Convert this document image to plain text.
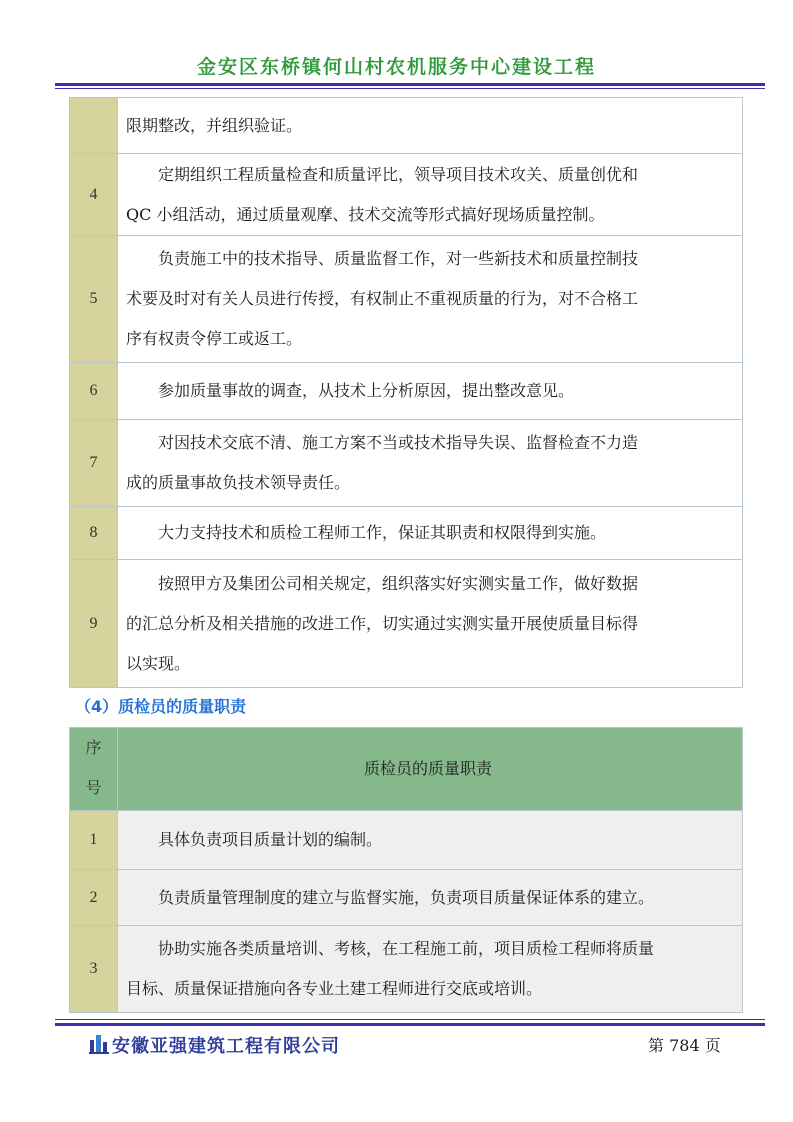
金安区东桥镇何山村农机服务中心建设工程

	限期整改，并组织验证。

4	定期组织工程质量检查和质量评比，领导项目技术攻关、质量创优和
QC 小组活动，通过质量观摩、技术交流等形式搞好现场质量控制。

5	负责施工中的技术指导、质量监督工作，对一些新技术和质量控制技
术要及时对有关人员进行传授，有权制止不重视质量的行为，对不合格工
序有权责令停工或返工。

6	参加质量事故的调查，从技术上分析原因，提出整改意见。

7	对因技术交底不清、施工方案不当或技术指导失误、监督检查不力造
成的质量事故负技术领导责任。

8	大力支持技术和质检工程师工作，保证其职责和权限得到实施。

9	按照甲方及集团公司相关规定，组织落实好实测实量工作，做好数据
的汇总分析及相关措施的改进工作，切实通过实测实量开展使质量目标得
以实现。
（4）质检员的质量职责
序
号	质检员的质量职责
1	具体负责项目质量计划的编制。

2	负责质量管理制度的建立与监督实施，负责项目质量保证体系的建立。

3	协助实施各类质量培训、考核，在工程施工前，项目质检工程师将质量
目标、质量保证措施向各专业土建工程师进行交底或培训。
安徽亚强建筑工程有限公司	第 784 页
